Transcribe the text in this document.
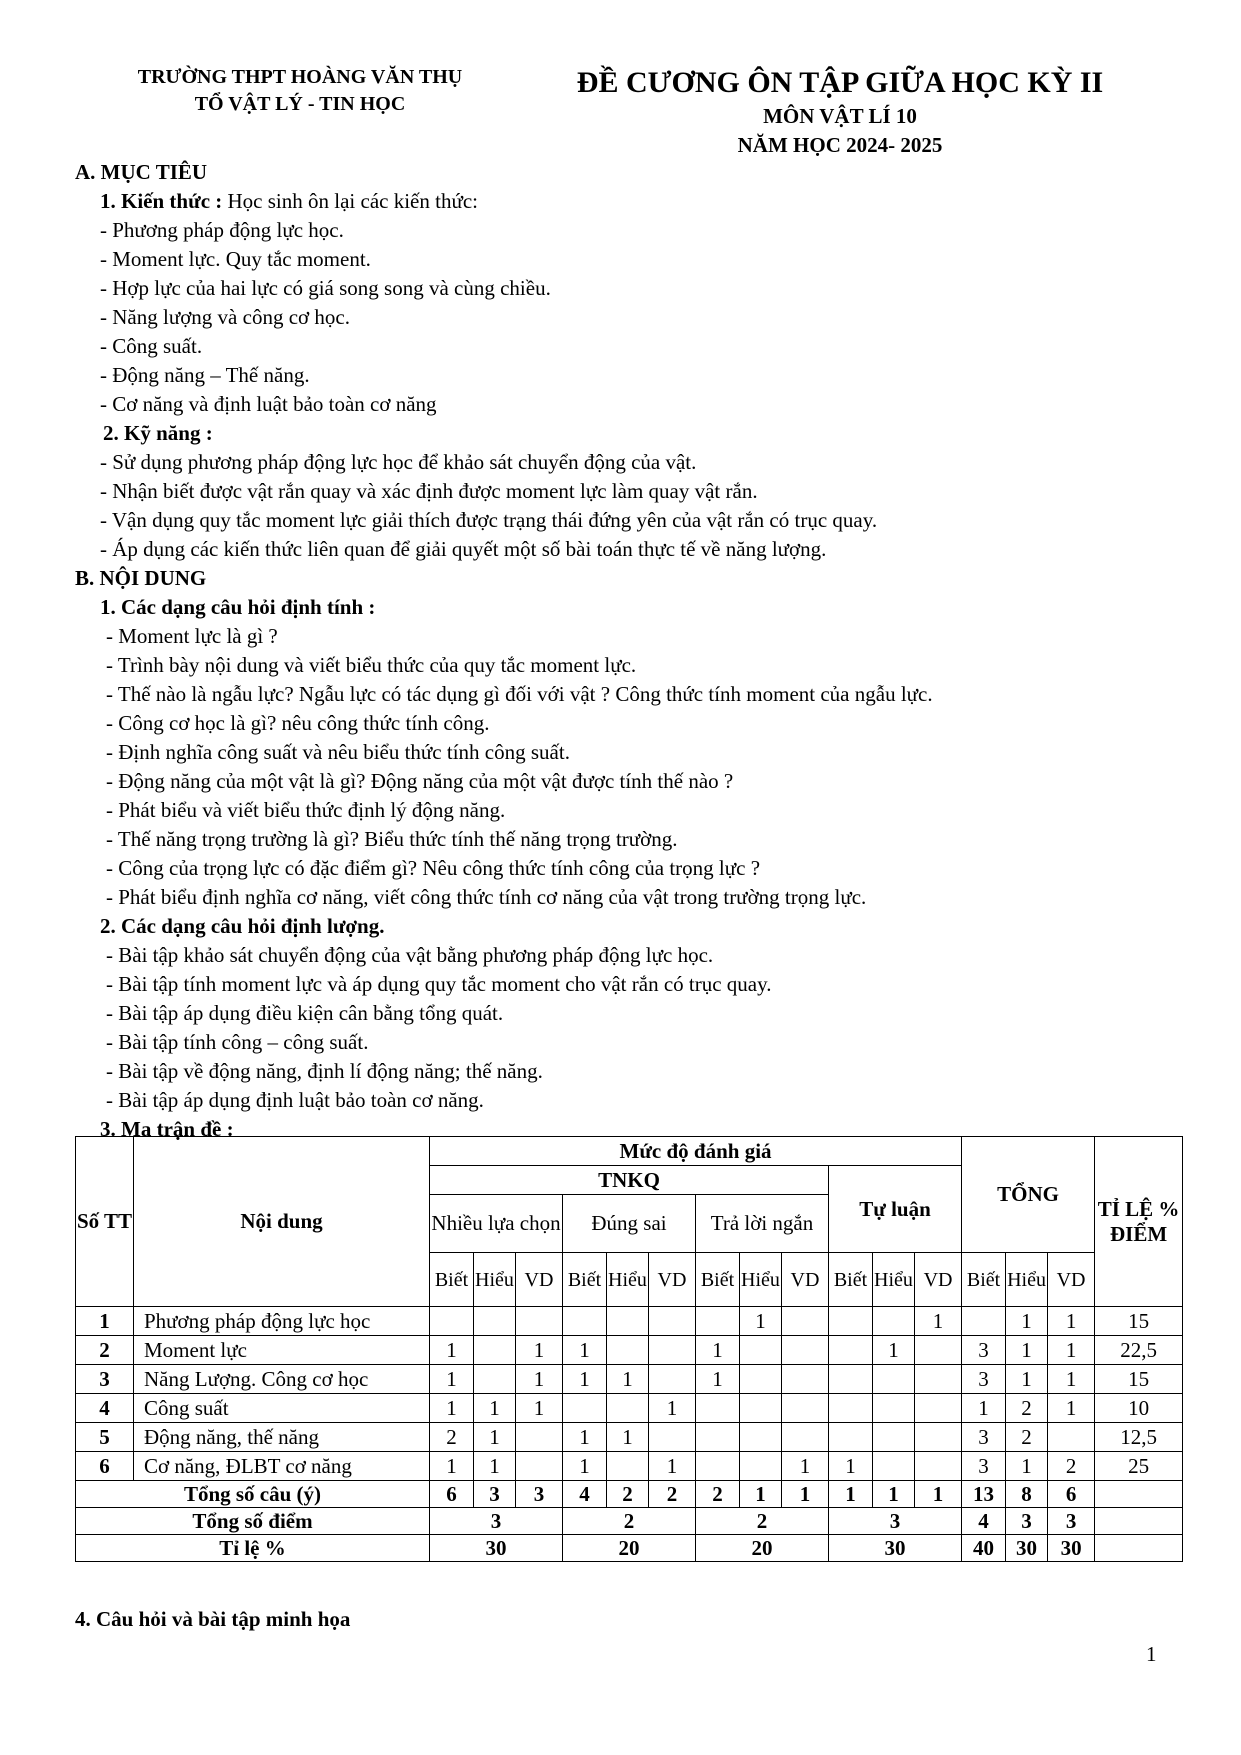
TRƯỜNG THPT HOÀNG VĂN THỤ
TỔ VẬT LÝ - TIN HỌC
ĐỀ CƯƠNG ÔN TẬP GIỮA HỌC KỲ II
MÔN VẬT LÍ 10
NĂM HỌC 2024- 2025
A. MỤC TIÊU
1. Kiến thức : Học sinh ôn lại các kiến thức:
- Phương pháp động lực học.
- Moment lực. Quy tắc moment.
- Hợp lực của hai lực có giá song song và cùng chiều.
- Năng lượng và công cơ học.
- Công suất.
- Động năng – Thế năng.
- Cơ năng và định luật bảo toàn cơ năng
2. Kỹ năng :
- Sử dụng phương pháp động lực học để khảo sát chuyển động của vật.
- Nhận biết được vật rắn quay và xác định được moment lực làm quay vật rắn.
- Vận dụng quy tắc moment lực giải thích được trạng thái đứng yên của vật rắn có trục quay.
- Áp dụng các kiến thức liên quan để giải quyết một số bài toán thực tế về năng lượng.
B. NỘI DUNG
1. Các dạng câu hỏi định tính :
- Moment lực là gì ?
- Trình bày nội dung và viết biểu thức của quy tắc moment lực.
- Thế nào là ngẫu lực? Ngẫu lực có tác dụng gì đối với vật ? Công thức tính moment của ngẫu lực.
- Công cơ học là gì? nêu công thức tính công.
- Định nghĩa công suất và nêu biểu thức tính công suất.
- Động năng của một vật là gì? Động năng của một vật được tính thế nào ?
- Phát biểu và viết biểu thức định lý động năng.
- Thế năng trọng trường là gì? Biểu thức tính thế năng trọng trường.
- Công của trọng lực có đặc điểm gì? Nêu công thức tính công của trọng lực ?
- Phát biểu định nghĩa cơ năng, viết công thức tính cơ năng của vật trong trường trọng lực.
2. Các dạng câu hỏi định lượng.
- Bài tập khảo sát chuyển động của vật bằng phương pháp động lực học.
- Bài tập tính moment lực và áp dụng quy tắc moment cho vật rắn có trục quay.
- Bài tập áp dụng điều kiện cân bằng tổng quát.
- Bài tập tính công – công suất.
- Bài tập về động năng, định lí động năng; thế năng.
- Bài tập áp dụng định luật bảo toàn cơ năng.
3. Ma trận đề :
Số TT	Nội dung	Mức độ đánh giá												TỔNG			TỈ LỆ % ĐIỂM
		TNKQ									Tự luận						
		Nhiều lựa chọn			Đúng sai			Trả lời ngắn									

		Biết	Hiểu	VD	Biết	Hiểu	VD	Biết	Hiểu	VD	Biết	Hiểu	VD	Biết	Hiểu	VD	
1	Phương pháp động lực học								1				1		1	1	15
2	Moment lực	1		1	1			1				1		3	1	1	22,5
3	Năng Lượng. Công cơ học	1		1	1	1		1						3	1	1	15
4	Công suất	1	1	1			1							1	2	1	10
5	Động năng, thế năng	2	1		1	1								3	2		12,5
6	Cơ năng, ĐLBT cơ năng	1	1		1		1			1	1			3	1	2	25
Tổng số câu (ý)		6	3	3	4	2	2	2	1	1	1	1	1	13	8	6	
Tổng số điểm		3			2			2			3			4	3	3	
Tỉ lệ %		30			20			20			30			40	30	30	
4. Câu hỏi và bài tập minh họa
1
